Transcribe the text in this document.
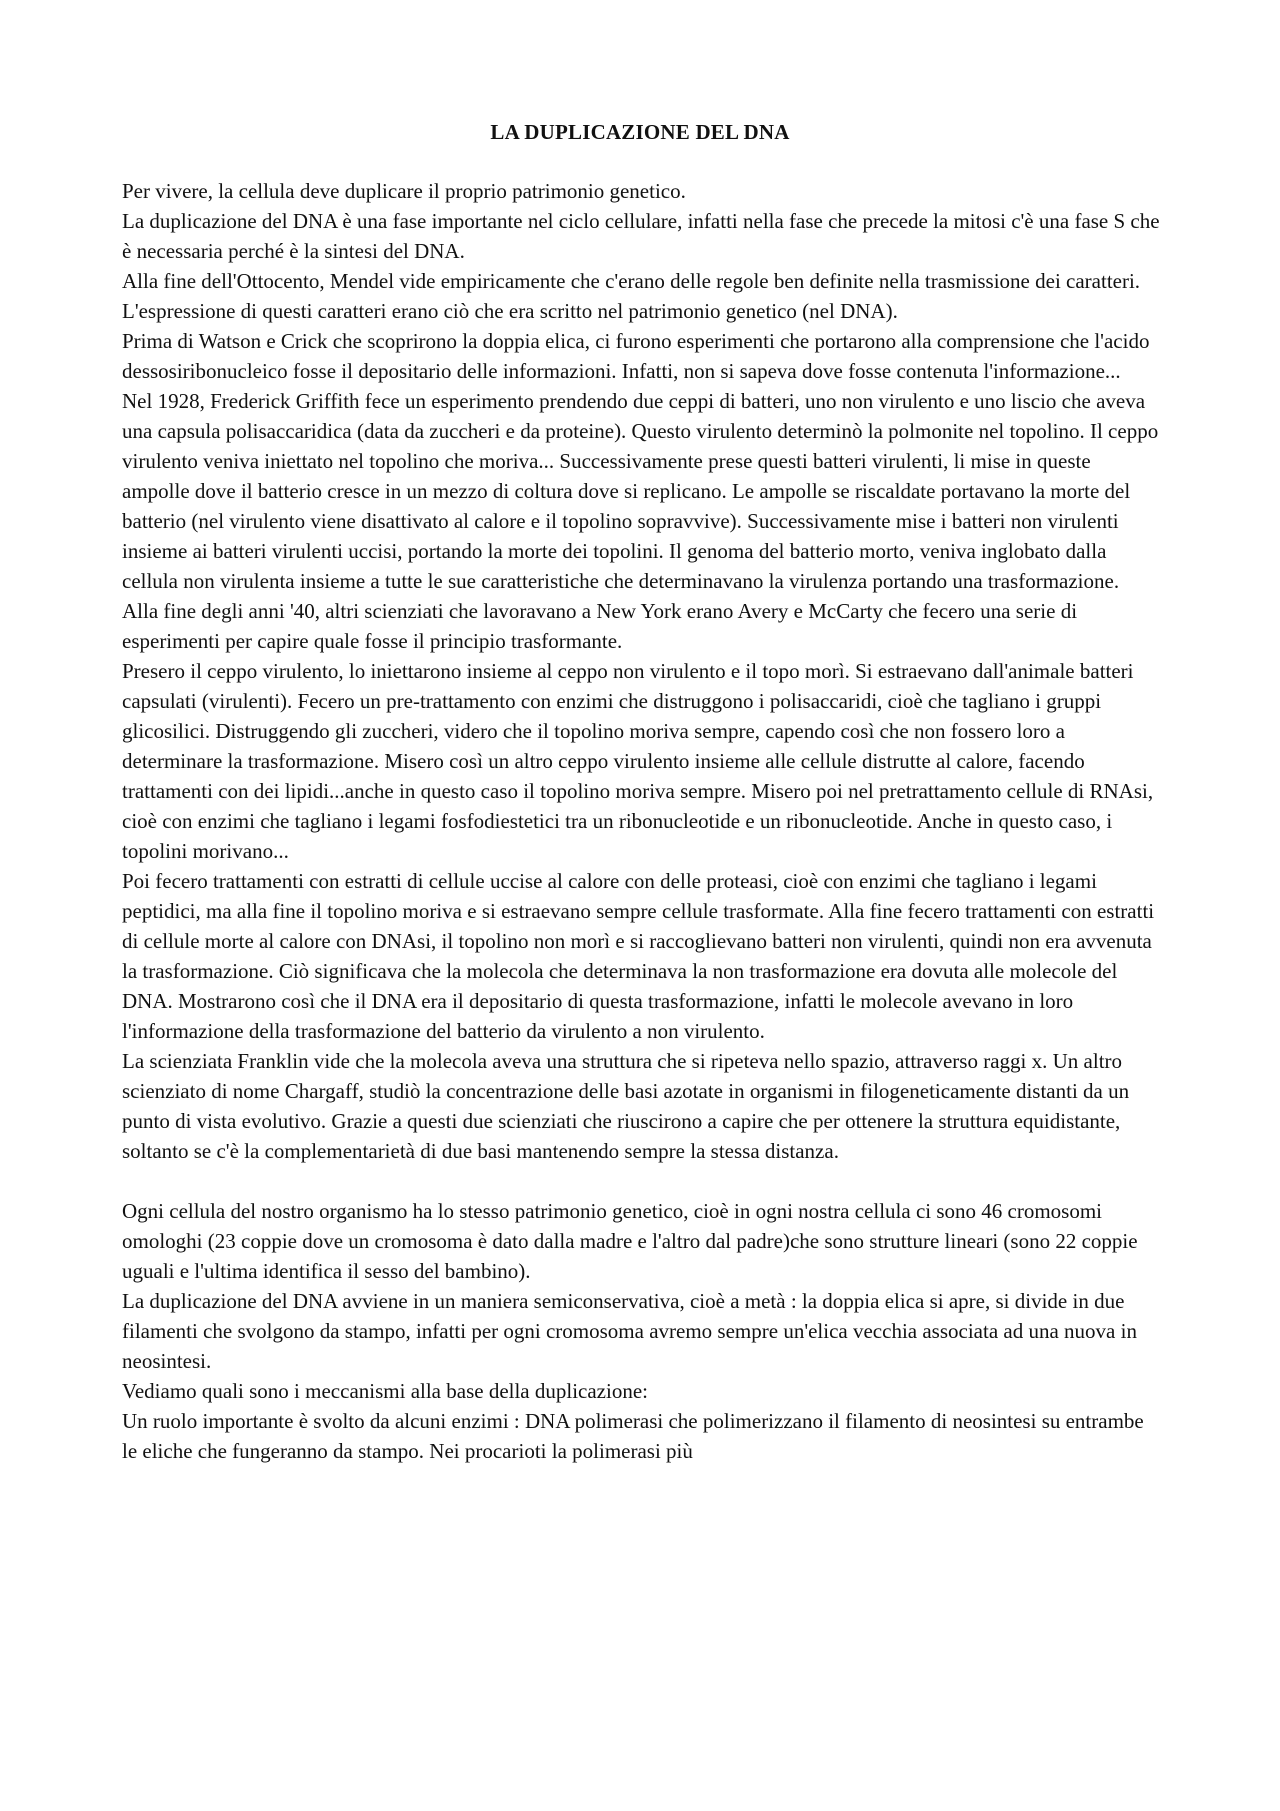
LA DUPLICAZIONE DEL DNA

Per vivere, la cellula deve duplicare il proprio patrimonio genetico.

La duplicazione del DNA è una fase importante nel ciclo cellulare, infatti nella fase che precede la mitosi c'è una fase S che è necessaria perché è la sintesi del DNA.

Alla fine dell'Ottocento, Mendel vide empiricamente che c'erano delle regole ben definite nella trasmissione dei caratteri. L'espressione di questi caratteri erano ciò che era scritto nel patrimonio genetico (nel DNA).

Prima di Watson e Crick che scoprirono la doppia elica, ci furono esperimenti che portarono alla comprensione che l'acido dessosiribonucleico fosse il depositario delle informazioni. Infatti, non si sapeva dove fosse contenuta l'informazione...

Nel 1928, Frederick Griffith fece un esperimento prendendo due ceppi di batteri, uno non virulento e uno liscio che aveva una capsula polisaccaridica (data da zuccheri e da proteine). Questo virulento determinò la polmonite nel topolino. Il ceppo virulento veniva iniettato nel topolino che moriva... Successivamente prese questi batteri virulenti, li mise in queste ampolle dove il batterio cresce in un mezzo di coltura dove si replicano. Le ampolle se riscaldate portavano la morte del batterio (nel virulento viene disattivato al calore e il topolino sopravvive). Successivamente mise i batteri non virulenti insieme ai batteri virulenti uccisi, portando la morte dei topolini. Il genoma del batterio morto, veniva inglobato dalla cellula non virulenta insieme a tutte le sue caratteristiche che determinavano la virulenza portando una trasformazione.

Alla fine degli anni '40, altri scienziati che lavoravano a New York erano Avery e McCarty che fecero una serie di esperimenti per capire quale fosse il principio trasformante.

Presero il ceppo virulento, lo iniettarono insieme al ceppo non virulento e il topo morì. Si estraevano dall'animale batteri capsulati (virulenti). Fecero un pre-trattamento con enzimi che distruggono i polisaccaridi, cioè che tagliano i gruppi glicosilici. Distruggendo gli zuccheri, videro che il topolino moriva sempre, capendo così che non fossero loro a determinare la trasformazione. Misero così un altro ceppo virulento insieme alle cellule distrutte al calore, facendo trattamenti con dei lipidi...anche in questo caso il topolino moriva sempre. Misero poi nel pretrattamento cellule di RNAsi, cioè con enzimi che tagliano i legami fosfodiestetici tra un ribonucleotide e un ribonucleotide. Anche in questo caso, i topolini morivano...

Poi fecero trattamenti con estratti di cellule uccise al calore con delle proteasi, cioè con enzimi che tagliano i legami peptidici, ma alla fine il topolino moriva e si estraevano sempre cellule trasformate. Alla fine fecero trattamenti con estratti di cellule morte al calore con DNAsi, il topolino non morì e si raccoglievano batteri non virulenti, quindi non era avvenuta la trasformazione. Ciò significava che la molecola che determinava la non trasformazione era dovuta alle molecole del DNA. Mostrarono così che il DNA era il depositario di questa trasformazione, infatti le molecole avevano in loro l'informazione della trasformazione del batterio da virulento a non virulento.

La scienziata Franklin vide che la molecola aveva una struttura che si ripeteva nello spazio, attraverso raggi x. Un altro scienziato di nome Chargaff, studiò la concentrazione delle basi azotate in organismi in filogeneticamente distanti da un punto di vista evolutivo. Grazie a questi due scienziati che riuscirono a capire che per ottenere la struttura equidistante, soltanto se c'è la complementarietà di due basi mantenendo sempre la stessa distanza.

Ogni cellula del nostro organismo ha lo stesso patrimonio genetico, cioè in ogni nostra cellula ci sono 46 cromosomi omologhi (23 coppie dove un cromosoma è dato dalla madre e l'altro dal padre)che sono strutture lineari (sono 22 coppie uguali e l'ultima identifica il sesso del bambino).

La duplicazione del DNA avviene in un maniera semiconservativa, cioè a metà : la doppia elica si apre, si divide in due filamenti che svolgono da stampo, infatti per ogni cromosoma avremo sempre un'elica vecchia associata ad una nuova in neosintesi.

Vediamo quali sono i meccanismi alla base della duplicazione:

Un ruolo importante è svolto da alcuni enzimi : DNA polimerasi che polimerizzano il filamento di neosintesi su entrambe le eliche che fungeranno da stampo. Nei procarioti la polimerasi più
